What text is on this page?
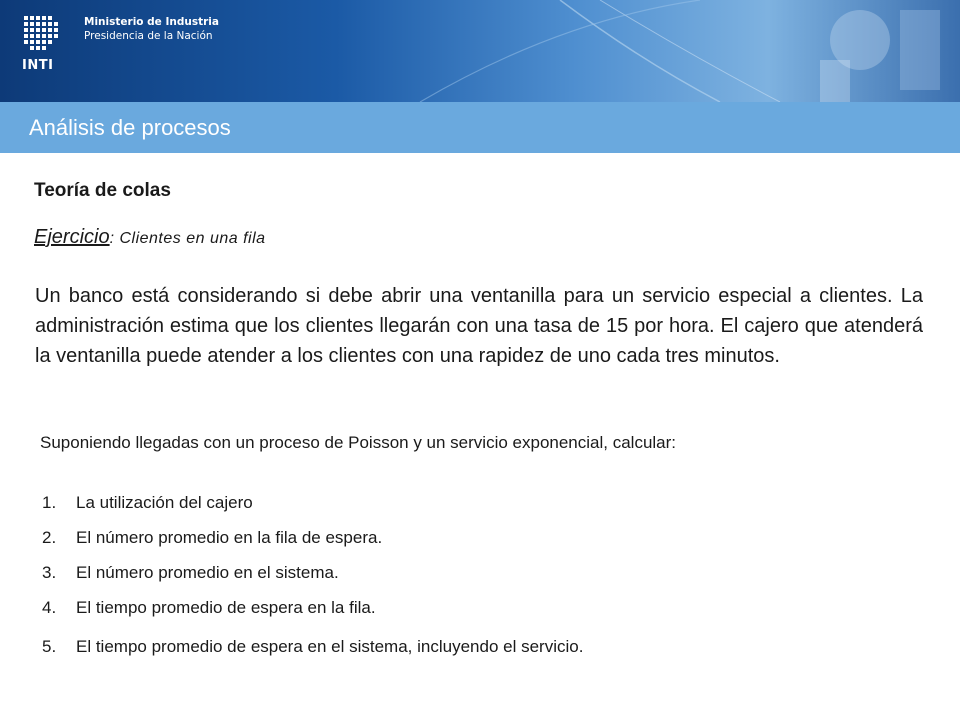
INTI
Ministerio de Industria
Presidencia de la Nación
Análisis de procesos
Teoría de colas
Ejercicio: Clientes en una fila
Un banco está considerando si debe abrir una ventanilla para un servicio especial a clientes. La administración estima que los clientes llegarán con una tasa de 15 por hora. El cajero que atenderá la ventanilla puede atender a los clientes con una rapidez de uno cada tres minutos.
Suponiendo llegadas con un proceso de Poisson y un servicio exponencial, calcular:
1. La utilización del cajero
2. El número promedio en la fila de espera.
3. El número promedio en el sistema.
4. El tiempo promedio de espera en la fila.
5. El tiempo promedio de espera en el sistema, incluyendo el servicio.
